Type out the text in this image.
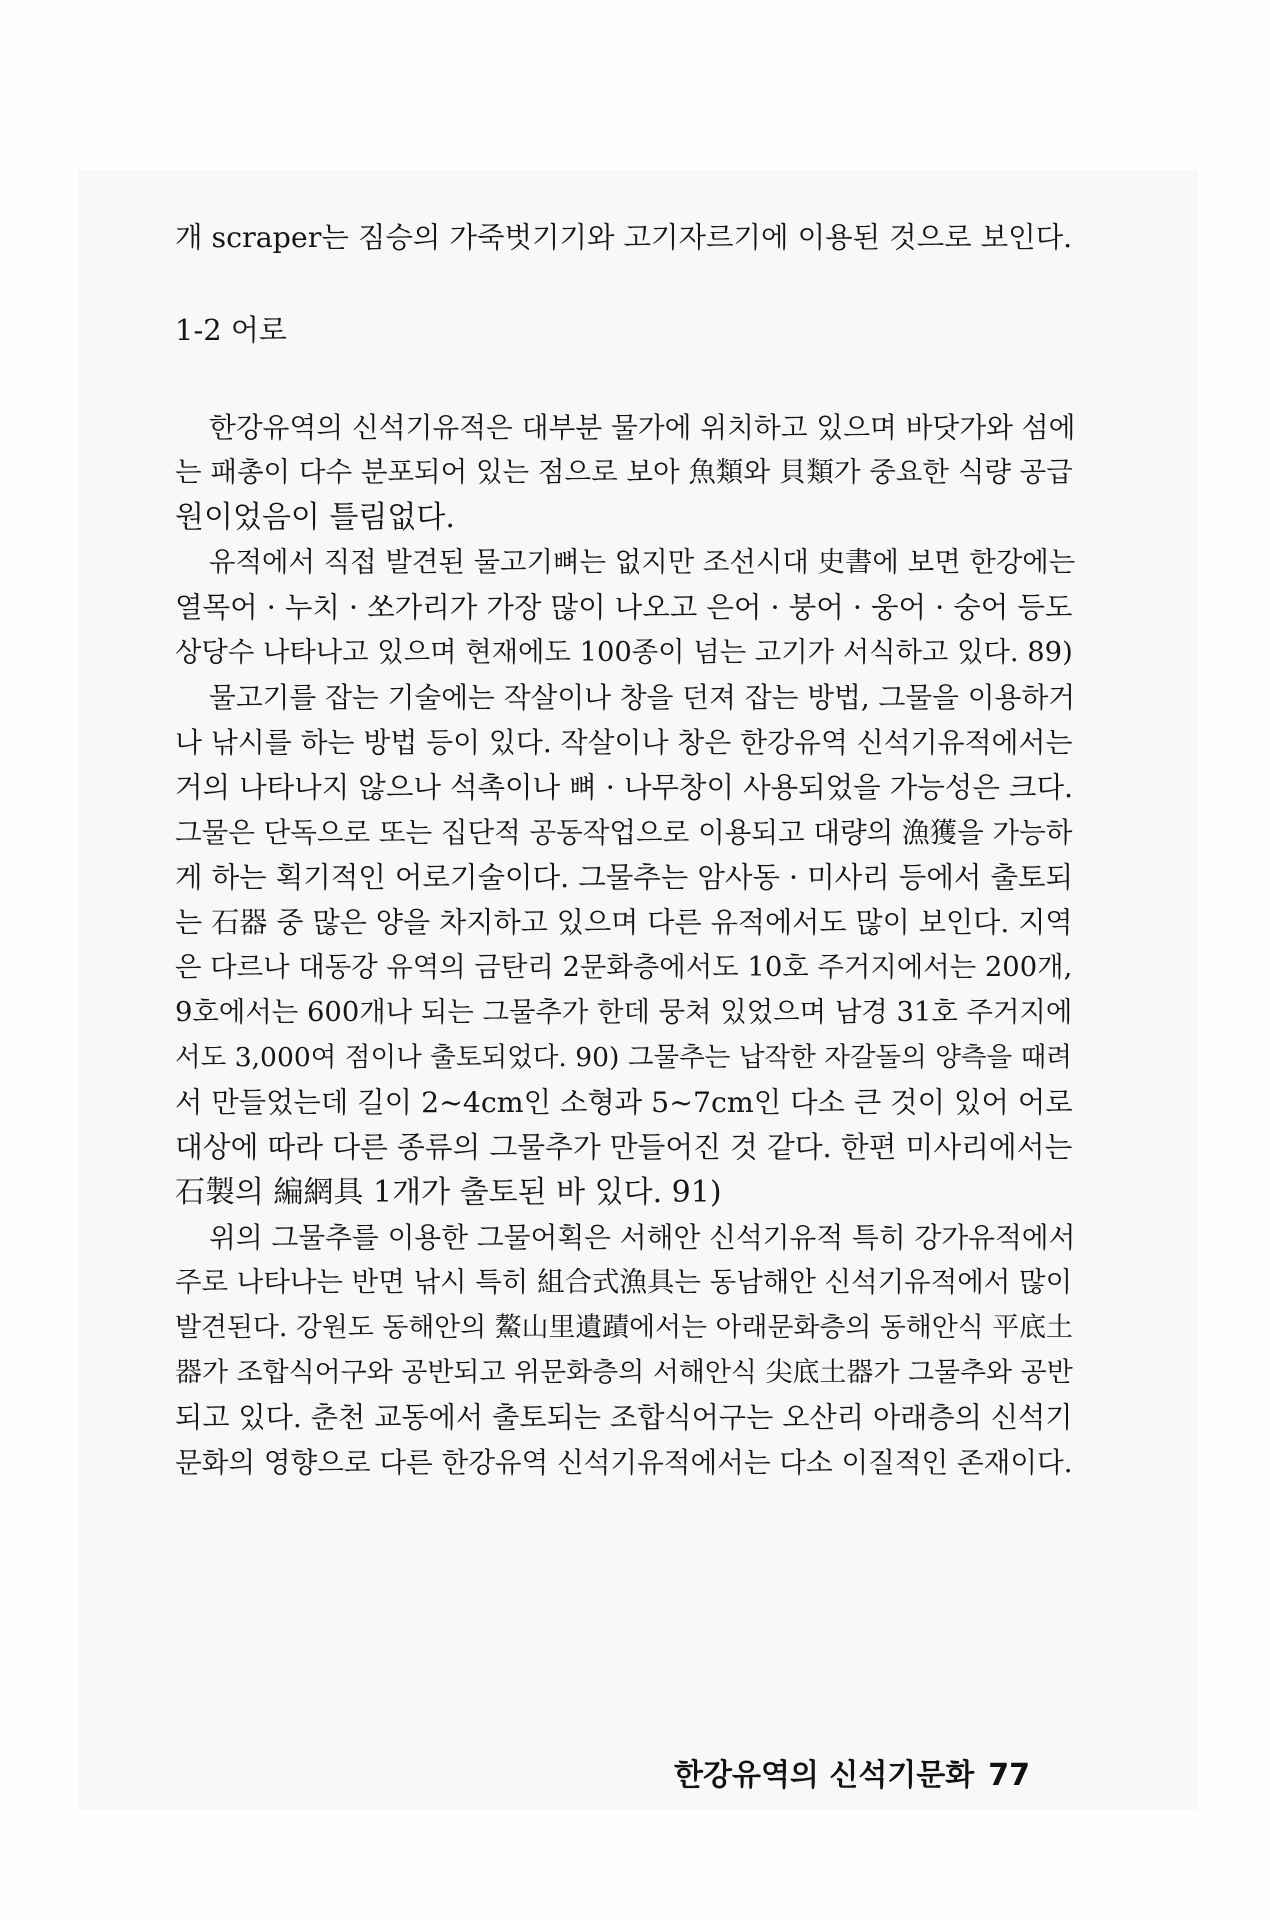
개 scraper는 짐승의 가죽벗기기와 고기자르기에 이용된 것으로 보인다.

1-2 어로

한강유역의 신석기유적은 대부분 물가에 위치하고 있으며 바닷가와 섬에

는 패총이 다수 분포되어 있는 점으로 보아 魚類와 貝類가 중요한 식량 공급

원이었음이 틀림없다.

유적에서 직접 발견된 물고기뼈는 없지만 조선시대 史書에 보면 한강에는

열목어 · 누치 · 쏘가리가 가장 많이 나오고 은어 · 붕어 · 웅어 · 숭어 등도

상당수 나타나고 있으며 현재에도 100종이 넘는 고기가 서식하고 있다. 89)

물고기를 잡는 기술에는 작살이나 창을 던져 잡는 방법, 그물을 이용하거

나 낚시를 하는 방법 등이 있다. 작살이나 창은 한강유역 신석기유적에서는

거의 나타나지 않으나 석촉이나 뼈 · 나무창이 사용되었을 가능성은 크다.

그물은 단독으로 또는 집단적 공동작업으로 이용되고 대량의 漁獲을 가능하

게 하는 획기적인 어로기술이다. 그물추는 암사동 · 미사리 등에서 출토되

는 石器 중 많은 양을 차지하고 있으며 다른 유적에서도 많이 보인다. 지역

은 다르나 대동강 유역의 금탄리 2문화층에서도 10호 주거지에서는 200개,

9호에서는 600개나 되는 그물추가 한데 뭉쳐 있었으며 남경 31호 주거지에

서도 3,000여 점이나 출토되었다. 90) 그물추는 납작한 자갈돌의 양측을 때려

서 만들었는데 길이 2~4cm인 소형과 5~7cm인 다소 큰 것이 있어 어로

대상에 따라 다른 종류의 그물추가 만들어진 것 같다. 한편 미사리에서는

石製의 編網具 1개가 출토된 바 있다. 91)

위의 그물추를 이용한 그물어획은 서해안 신석기유적 특히 강가유적에서

주로 나타나는 반면 낚시 특히 組合式漁具는 동남해안 신석기유적에서 많이

발견된다. 강원도 동해안의 鰲山里遺蹟에서는 아래문화층의 동해안식 平底土

器가 조합식어구와 공반되고 위문화층의 서해안식 尖底土器가 그물추와 공반

되고 있다. 춘천 교동에서 출토되는 조합식어구는 오산리 아래층의 신석기

문화의 영향으로 다른 한강유역 신석기유적에서는 다소 이질적인 존재이다.

한강유역의 신석기문화 77
